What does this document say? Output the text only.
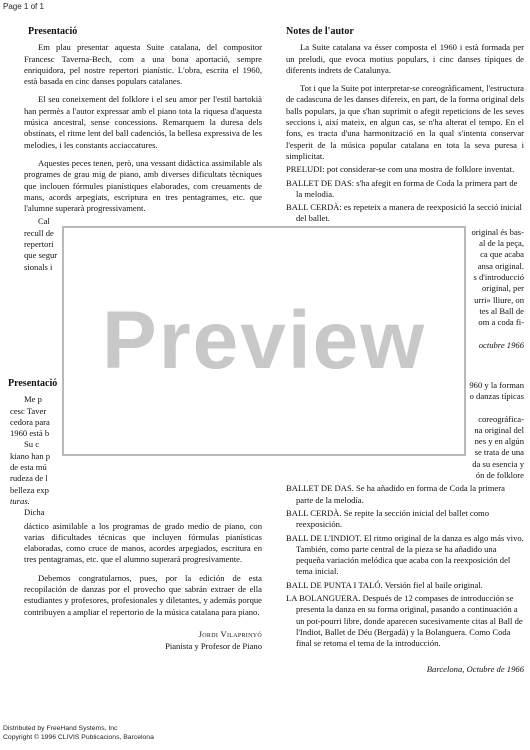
Page 1 of 1
Presentació

Em plau presentar aquesta Suite catalana, del compositor Francesc Taverna-Bech, com a una bona aportació, sempre enriquidora, pel nostre repertori pianístic. L'obra, escrita el 1960, està basada en cinc danses populars catalanes.

El seu coneixement del folklore i el seu amor per l'estil bartokià han permès a l'autor expressar amb el piano tota la riquesa d'aquesta música ancestral, sense concessions. Remarquem la duresa dels obstinats, el ritme lent del ball cadenciós, la bellesa expressiva de les melodies, i les constants acciaccatures.

Aquestes peces tenen, però, una vessant didàctica assimilable als programes de grau mig de piano, amb diverses dificultats tècniques que inclouen fórmules pianístiques elaborades, com creuaments de mans, acords arpegiats, escriptura en tres pentagrames, etc. que l'alumne superarà progressivament.

Cal
recull de
repertori
que segur
sionals i
Notes de l'autor

La Suite catalana va ésser composta el 1960 i està formada per un preludi, que evoca motius populars, i cinc danses típiques de diferents indrets de Catalunya.

Tot i que la Suite pot interpretar-se coreogràficament, l'estructura de cadascuna de les danses difereix, en part, de la forma original dels balls populars, ja que s'han suprimit o afegit repeticions de les seves seccions i, així mateix, en algun cas, se n'ha alterat el tempo. En el fons, es tracta d'una harmonització en la qual s'intenta conservar l'esperit de la música popular catalana en tota la seva puresa i simplicitat.

PRELUDI: pot considerar-se com una mostra de folklore inventat.
BALLET DE DAS: s'ha afegit en forma de Coda la primera part de la melodia.
BALL CERDÀ: es repeteix a manera de reexposició la secció inicial del ballet.
original és bas-
al de la peça,
ca que acaba
ansa original.
s d'introducció
original, per
urri» lliure, on
tes al Ball de
om a coda fi-
octubre 1966
Presentació
Me p
cesc Taver
cedora para
1960 está b
Su c
kiano han p
de esta mú
rudeza de l
belleza exp
turas.
Dicha

dáctico asimilable a los programas de grado medio de piano, con varias dificultades técnicas que incluyen fórmulas pianísticas elaboradas, como cruce de manos, acordes arpegiados, escritura en tres pentagramas, etc. que el alumno superará progresivamente.

Debemos congratularnos, pues, por la edición de esta recopilación de danzas por el provecho que sabrán extraer de ella estudiantes y profesores, profesionales y diletantes, y además porque contribuyen a ampliar el repertorio de la música catalana para piano.

Jordi Vilaprinyó
Pianista y Profesor de Piano
960 y la forman
o danzas típicas
coreográfica-
na original del
nes y en algún
se trata de una
da su esencia y
ón de folklore
BALLET DE DAS. Se ha añadido en forma de Coda la primera parte de la melodía.
BALL CERDÀ. Se repite la sección inicial del ballet como reexposición.
BALL DE L'INDIOT. El ritmo original de la danza es algo más vivo. También, como parte central de la pieza se ha añadido una pequeña variación melódica que acaba con la reexposición del tema inicial.
BALL DE PUNTA I TALÓ. Versión fiel al baile original.
LA BOLANGUERA. Después de 12 compases de introducción se presenta la danza en su forma original, pasando a continuación a un pot-pourri libre, donde aparecen sucesivamente citas al Ball de l'Indiot, Ballet de Déu (Bergadà) y la Bolanguera. Como Coda final se retoma el tema de la introducción.
Barcelona, Octubre de 1966
Preview
Distributed by FreeHand Systems, Inc
Copyright © 1996 CLIVIS Publicacions, Barcelona
